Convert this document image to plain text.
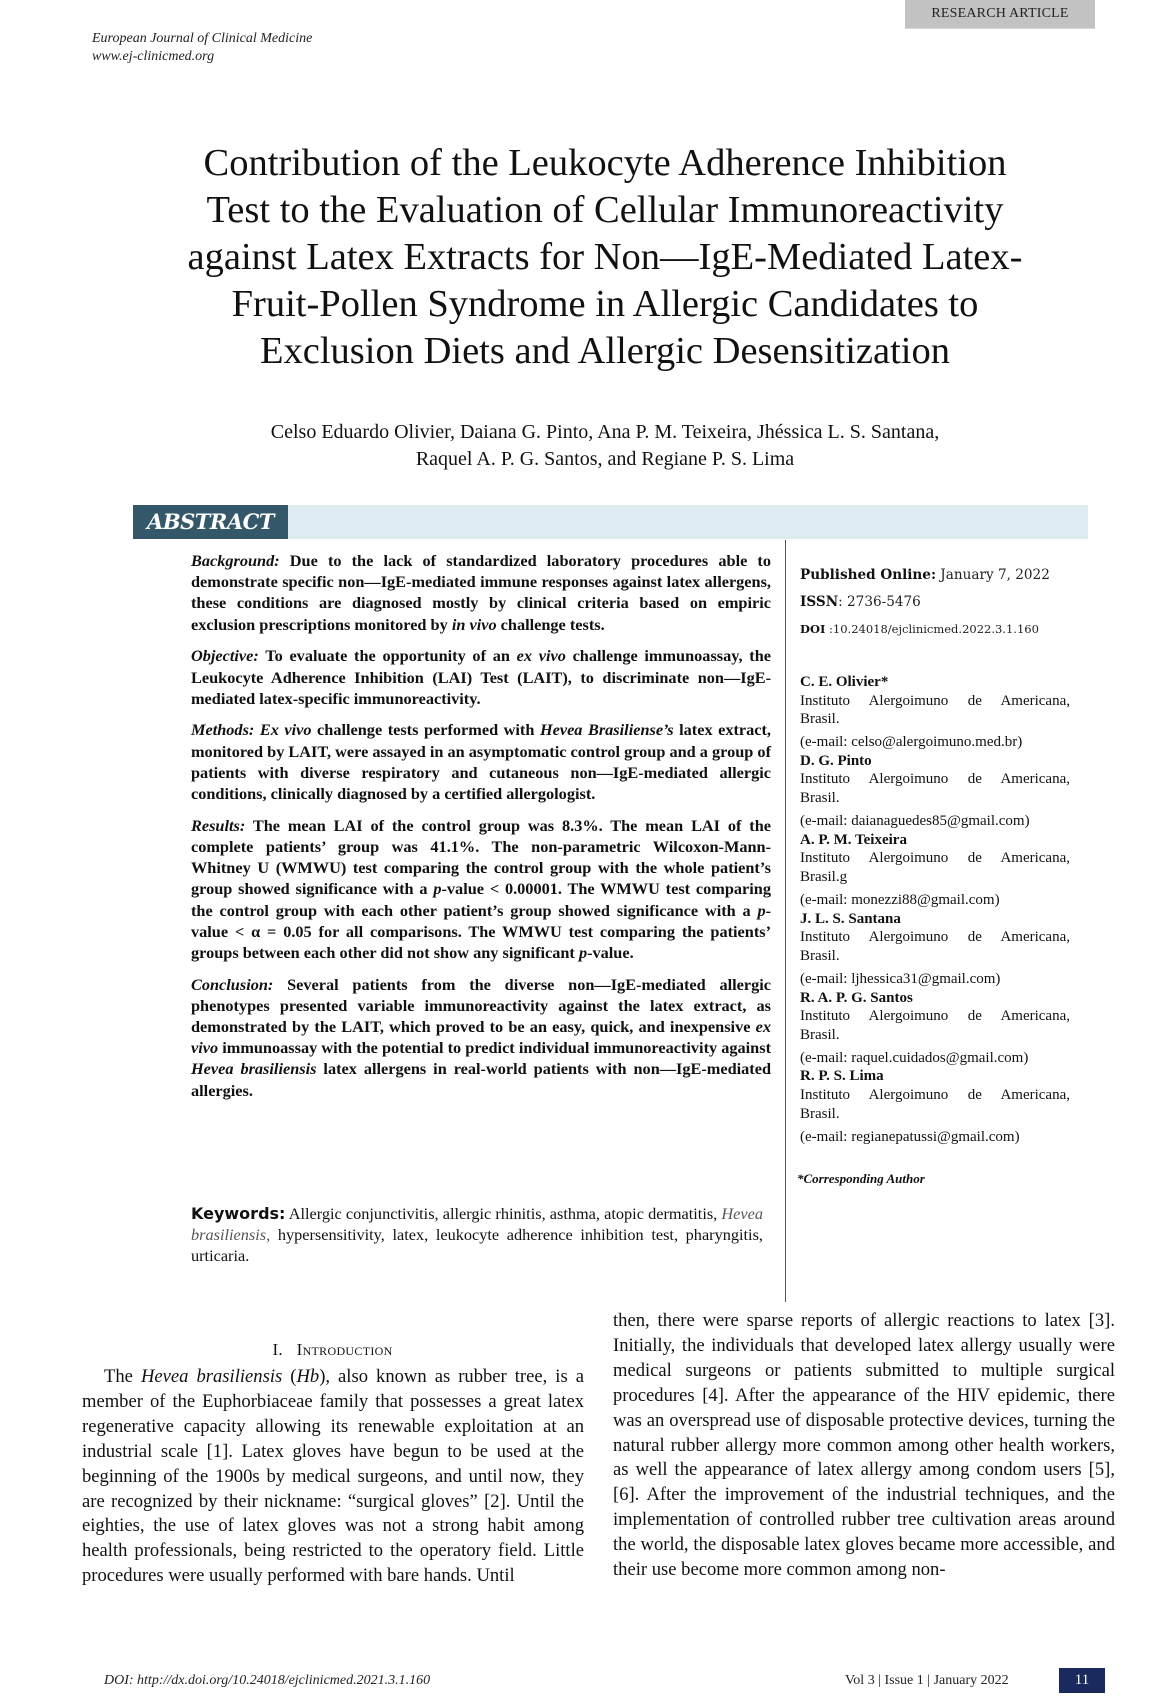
RESEARCH ARTICLE
European Journal of Clinical Medicine
www.ej-clinicmed.org
Contribution of the Leukocyte Adherence Inhibition
Test to the Evaluation of Cellular Immunoreactivity
against Latex Extracts for Non—IgE-Mediated Latex-
Fruit-Pollen Syndrome in Allergic Candidates to
Exclusion Diets and Allergic Desensitization
Celso Eduardo Olivier, Daiana G. Pinto, Ana P. M. Teixeira, Jhéssica L. S. Santana,
Raquel A. P. G. Santos, and Regiane P. S. Lima
ABSTRACT

Background: Due to the lack of standardized laboratory procedures able to demonstrate specific non—IgE-mediated immune responses against latex allergens, these conditions are diagnosed mostly by clinical criteria based on empiric exclusion prescriptions monitored by in vivo challenge tests.

Objective: To evaluate the opportunity of an ex vivo challenge immunoassay, the Leukocyte Adherence Inhibition (LAI) Test (LAIT), to discriminate non—IgE-mediated latex-specific immunoreactivity.

Methods: Ex vivo challenge tests performed with Hevea Brasiliense’s latex extract, monitored by LAIT, were assayed in an asymptomatic control group and a group of patients with diverse respiratory and cutaneous non—IgE-mediated allergic conditions, clinically diagnosed by a certified allergologist.

Results: The mean LAI of the control group was 8.3%. The mean LAI of the complete patients’ group was 41.1%. The non-parametric Wilcoxon-Mann-Whitney U (WMWU) test comparing the control group with the whole patient’s group showed significance with a p-value < 0.00001. The WMWU test comparing the control group with each other patient’s group showed significance with a p-value < α = 0.05 for all comparisons. The WMWU test comparing the patients’ groups between each other did not show any significant p-value.

Conclusion: Several patients from the diverse non—IgE-mediated allergic phenotypes presented variable immunoreactivity against the latex extract, as demonstrated by the LAIT, which proved to be an easy, quick, and inexpensive ex vivo immunoassay with the potential to predict individual immunoreactivity against Hevea brasiliensis latex allergens in real-world patients with non—IgE-mediated allergies.

Keywords: Allergic conjunctivitis, allergic rhinitis, asthma, atopic dermatitis, Hevea brasiliensis, hypersensitivity, latex, leukocyte adherence inhibition test, pharyngitis, urticaria.
Published Online: January 7, 2022
ISSN: 2736-5476
DOI :10.24018/ejclinicmed.2022.3.1.160
C. E. Olivier*
Instituto Alergoimuno de Americana,
Brasil.
(e-mail: celso@alergoimuno.med.br)
D. G. Pinto
Instituto Alergoimuno de Americana,
Brasil.
(e-mail: daianaguedes85@gmail.com)
A. P. M. Teixeira
Instituto Alergoimuno de Americana,
Brasil.g
(e-mail: monezzi88@gmail.com)
J. L. S. Santana
Instituto Alergoimuno de Americana,
Brasil.
(e-mail: ljhessica31@gmail.com)
R. A. P. G. Santos
Instituto Alergoimuno de Americana,
Brasil.
(e-mail: raquel.cuidados@gmail.com)
R. P. S. Lima
Instituto Alergoimuno de Americana,
Brasil.
(e-mail: regianepatussi@gmail.com)
*Corresponding Author
I. Introduction

The Hevea brasiliensis (Hb), also known as rubber tree, is a member of the Euphorbiaceae family that possesses a great latex regenerative capacity allowing its renewable exploitation at an industrial scale [1]. Latex gloves have begun to be used at the beginning of the 1900s by medical surgeons, and until now, they are recognized by their nickname: “surgical gloves” [2]. Until the eighties, the use of latex gloves was not a strong habit among health professionals, being restricted to the operatory field. Little procedures were usually performed with bare hands. Until

then, there were sparse reports of allergic reactions to latex [3]. Initially, the individuals that developed latex allergy usually were medical surgeons or patients submitted to multiple surgical procedures [4]. After the appearance of the HIV epidemic, there was an overspread use of disposable protective devices, turning the natural rubber allergy more common among other health workers, as well the appearance of latex allergy among condom users [5], [6]. After the improvement of the industrial techniques, and the implementation of controlled rubber tree cultivation areas around the world, the disposable latex gloves became more accessible, and their use become more common among non-

DOI: http://dx.doi.org/10.24018/ejclinicmed.2021.3.1.160	Vol 3 | Issue 1 | January 2022	11
